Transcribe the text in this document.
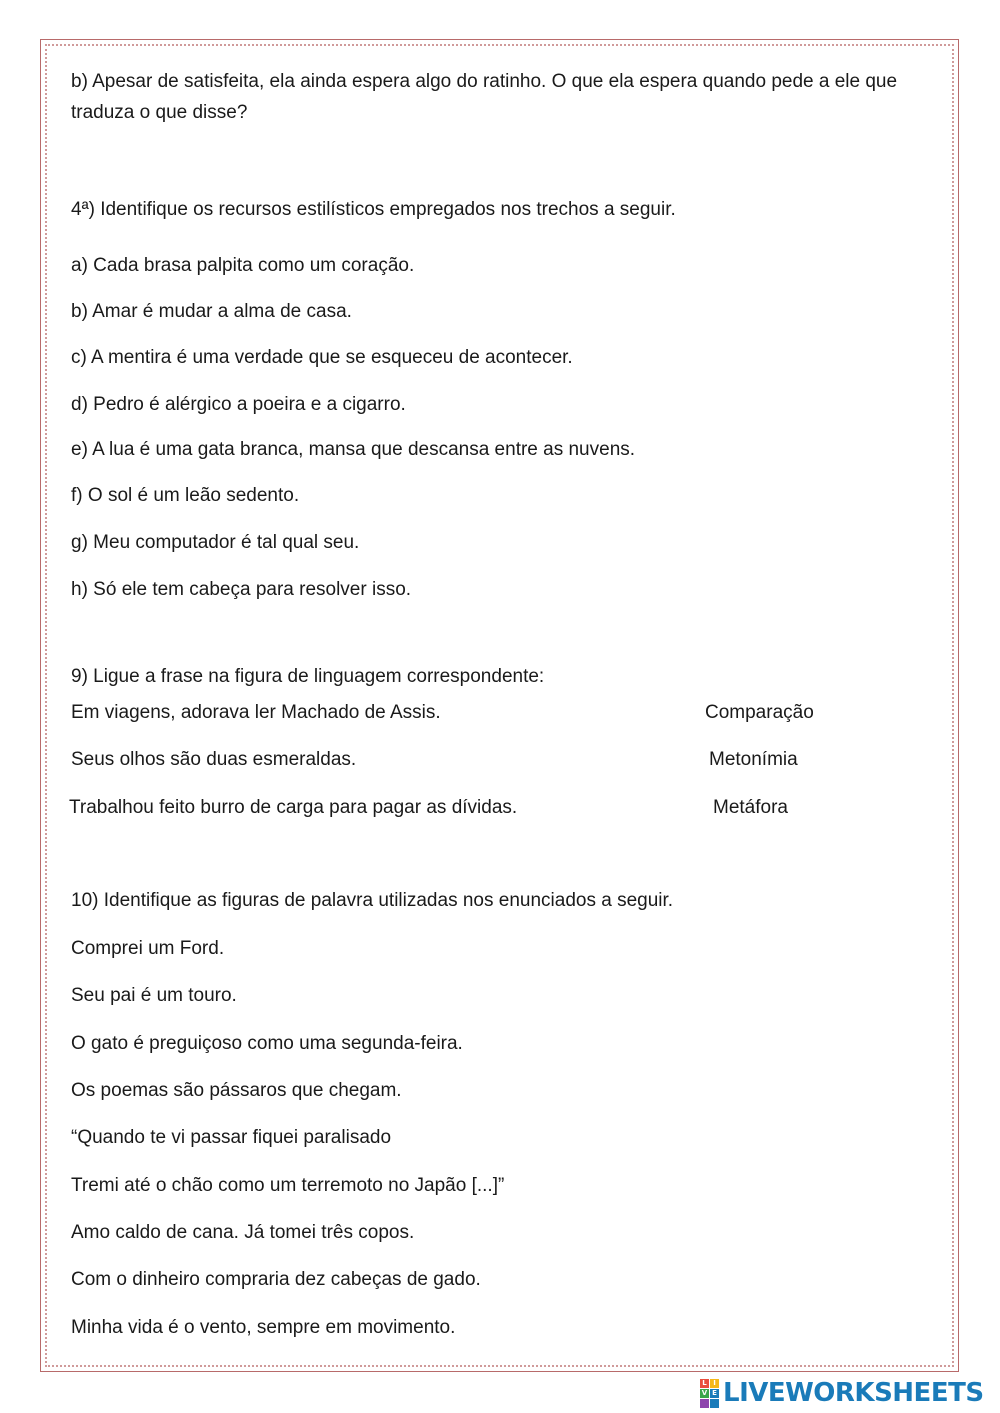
b) Apesar de satisfeita, ela ainda espera algo do ratinho. O que ela espera quando pede a ele que traduza o que disse?
4ª) Identifique os recursos estilísticos empregados nos trechos a seguir.
a) Cada brasa palpita como um coração.
b) Amar é mudar a alma de casa.
c) A mentira é uma verdade que se esqueceu de acontecer.
d) Pedro é alérgico a poeira e a cigarro.
e) A lua é uma gata branca, mansa que descansa entre as nuvens.
f) O sol é um leão sedento.
g) Meu computador é tal qual seu.
h) Só ele tem cabeça para resolver isso.
9) Ligue a frase na figura de linguagem correspondente:
Em viagens, adorava ler Machado de Assis.
Seus olhos são duas esmeraldas.
Trabalhou feito burro de carga para pagar as dívidas.
Comparação
Metonímia
Metáfora
10) Identifique as figuras de palavra utilizadas nos enunciados a seguir.
Comprei um Ford.
Seu pai é um touro.
O gato é preguiçoso como uma segunda-feira.
Os poemas são pássaros que chegam.
“Quando te vi passar fiquei paralisado
Tremi até o chão como um terremoto no Japão [...]”
Amo caldo de cana. Já tomei três copos.
Com o dinheiro compraria dez cabeças de gado.
Minha vida é o vento, sempre em movimento.
L I
V E LIVEWORKSHEETS
